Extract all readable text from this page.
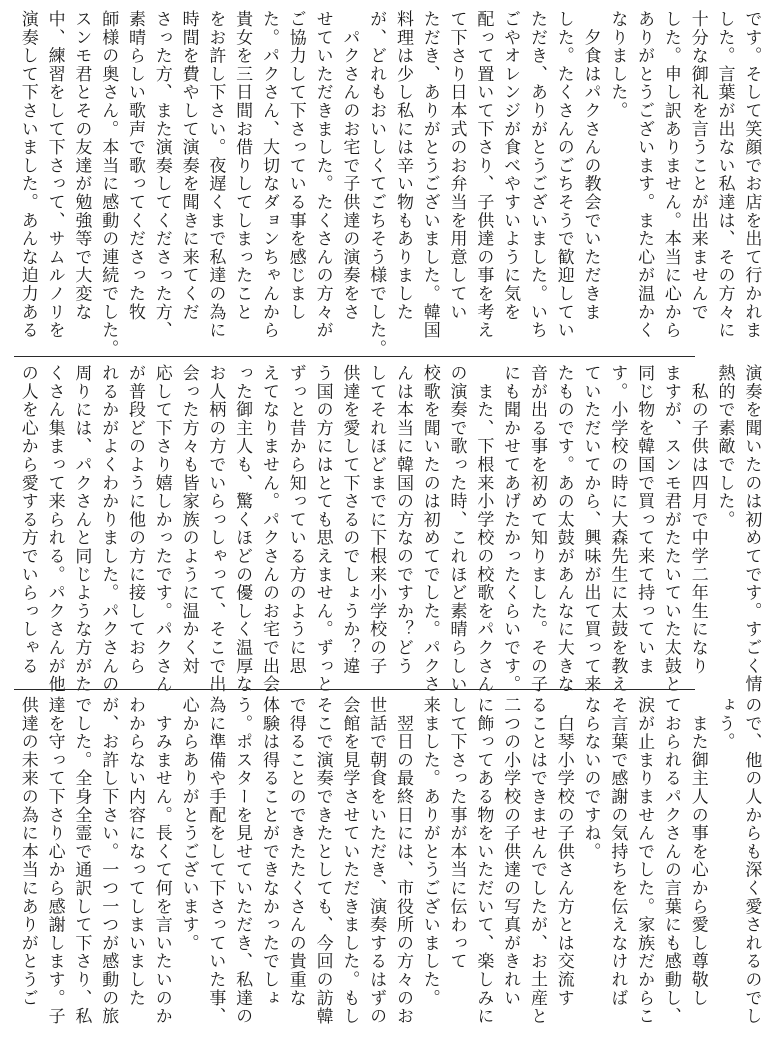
です。そして笑顔でお店を出て行かれま

した。言葉が出ない私達は、その方々に

十分な御礼を言うことが出来ませんで

した。申し訳ありません。本当に心から

ありがとうございます。また心が温かく

なりました。

　夕食はパクさんの教会でいただきま

した。たくさんのごちそうで歓迎してい

ただき、ありがとうございました。いち

ごやオレンジが食べやすいように気を

配って置いて下さり、子供達の事を考え

て下さり日本式のお弁当を用意してい

ただき、ありがとうございました。韓国

料理は少し私には辛い物もありました

が、どれもおいしくてごちそう様でした。

　パクさんのお宅で子供達の演奏をさ

せていただきました。たくさんの方々が

ご協力して下さっている事を感じまし

た。パクさん、大切なダョンちゃんから

貴女を三日間お借りしてしまったこと

をお許し下さい。夜遅くまで私達の為に

時間を費やして演奏を聞きに来てくだ

さった方、また演奏してくださった方、

素晴らしい歌声で歌ってくださった牧

師様の奥さん。本当に感動の連続でした。

スンモ君とその友達が勉強等で大変な

中、練習をして下さって、サムルノリを

演奏して下さいました。あんな迫力ある

演奏を聞いたのは初めてです。すごく情

熱的で素敵でした。

　私の子供は四月で中学二年生になり

ますが、スンモ君がたたいていた太鼓と

同じ物を韓国で買って来て持っていま

す。小学校の時に大森先生に太鼓を教え

ていただいてから、興味が出て買って来

たものです。あの太鼓があんなに大きな

音が出る事を初めて知りました。その子

にも聞かせてあげたかったくらいです。

　また、下根来小学校の校歌をパクさん

の演奏で歌った時、これほど素晴らしい

校歌を聞いたのは初めてでした。パクさ

んは本当に韓国の方なのですか？どう

してそれほどまでに下根来小学校の子

供達を愛して下さるのでしょうか？違

う国の方にはとても思えません。ずっと

ずっと昔から知っている方のように思

えてなりません。パクさんのお宅で出会

った御主人も、驚くほどの優しく温厚な

お人柄の方でいらっしゃって、そこで出

会った方々も皆家族のように温かく対

応して下さり嬉しかったです。パクさん

が普段どのように他の方に接しておら

れるかがよくわかりました。パクさんの

周りには、パクさんと同じような方がた

くさん集まって来られる。パクさんが他

の人を心から愛する方でいらっしゃる

ので、他の人からも深く愛されるのでし

ょう。

　また御主人の事を心から愛し尊敬し

ておられるパクさんの言葉にも感動し、

涙が止まりませんでした。家族だからこ

そ言葉で感謝の気持ちを伝えなければ

ならないのですね。

　白琴小学校の子供さん方とは交流す

ることはできませんでしたが、お土産と

二つの小学校の子供達の写真がきれい

に飾ってある物をいただいて、楽しみに

して下さった事が本当に伝わって

来ました。ありがとうございました。

　翌日の最終日には、市役所の方々のお

世話で朝食をいただき、演奏するはずの

会館を見学させていただきました。もし

そこで演奏できたとしても、今回の訪韓

で得ることのできたたくさんの貴重な

体験は得ることができなかったでしょ

う。ポスターを見せていただき、私達の

為に準備や手配をして下さっていた事、

心からありがとうございます。

　すみません。長くて何を言いたいのか

わからない内容になってしまいました

が、お許し下さい。一つ一つが感動の旅

でした。全身全霊で通訳して下さり、私

達を守って下さり心から感謝します。子

供達の未来の為に本当にありがとうご
